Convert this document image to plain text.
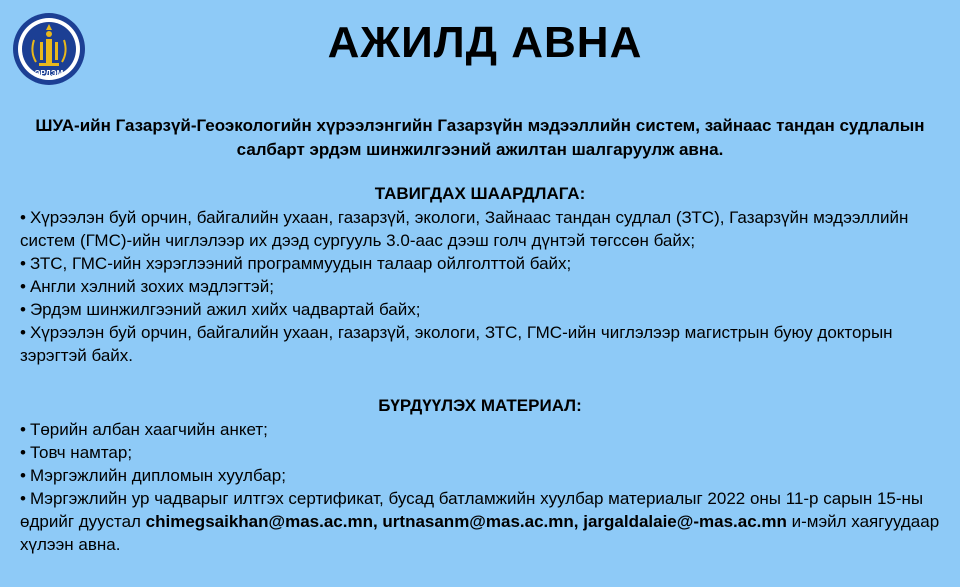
ЭРДЭМ
АЖИЛД АВНА

ШУА-ийн Газарзүй-Геоэкологийн хүрээлэнгийн Газарзүйн мэдээллийн систем, зайнаас тандан судлалын салбарт эрдэм шинжилгээний ажилтан шалгаруулж авна.

ТАВИГДАХ ШААРДЛАГА:
• Хүрээлэн буй орчин, байгалийн ухаан, газарзүй, экологи, Зайнаас тандан судлал (ЗТС), Газарзүйн мэдээллийн систем (ГМС)-ийн чиглэлээр их дээд сургууль 3.0-аас дээш голч дүнтэй төгссөн байх;
• ЗТС, ГМС-ийн хэрэглээний программуудын талаар ойлголттой байх;
• Англи хэлний зохих мэдлэгтэй;
• Эрдэм шинжилгээний ажил хийх чадвартай байх;
• Хүрээлэн буй орчин, байгалийн ухаан, газарзүй, экологи, ЗТС, ГМС-ийн чиглэлээр магистрын буюу докторын зэрэгтэй байх.
БҮРДҮҮЛЭХ МАТЕРИАЛ:
• Төрийн албан хаагчийн анкет;
• Товч намтар;
• Мэргэжлийн дипломын хуулбар;
• Мэргэжлийн ур чадварыг илтгэх сертификат, бусад батламжийн хуулбар материалыг 2022 оны 11-р сарын 15-ны өдрийг дуустал chimegsaikhan@mas.ac.mn, urtnasanm@mas.ac.mn, jargaldalaie@-mas.ac.mn и-мэйл хаягуудаар хүлээн авна.
